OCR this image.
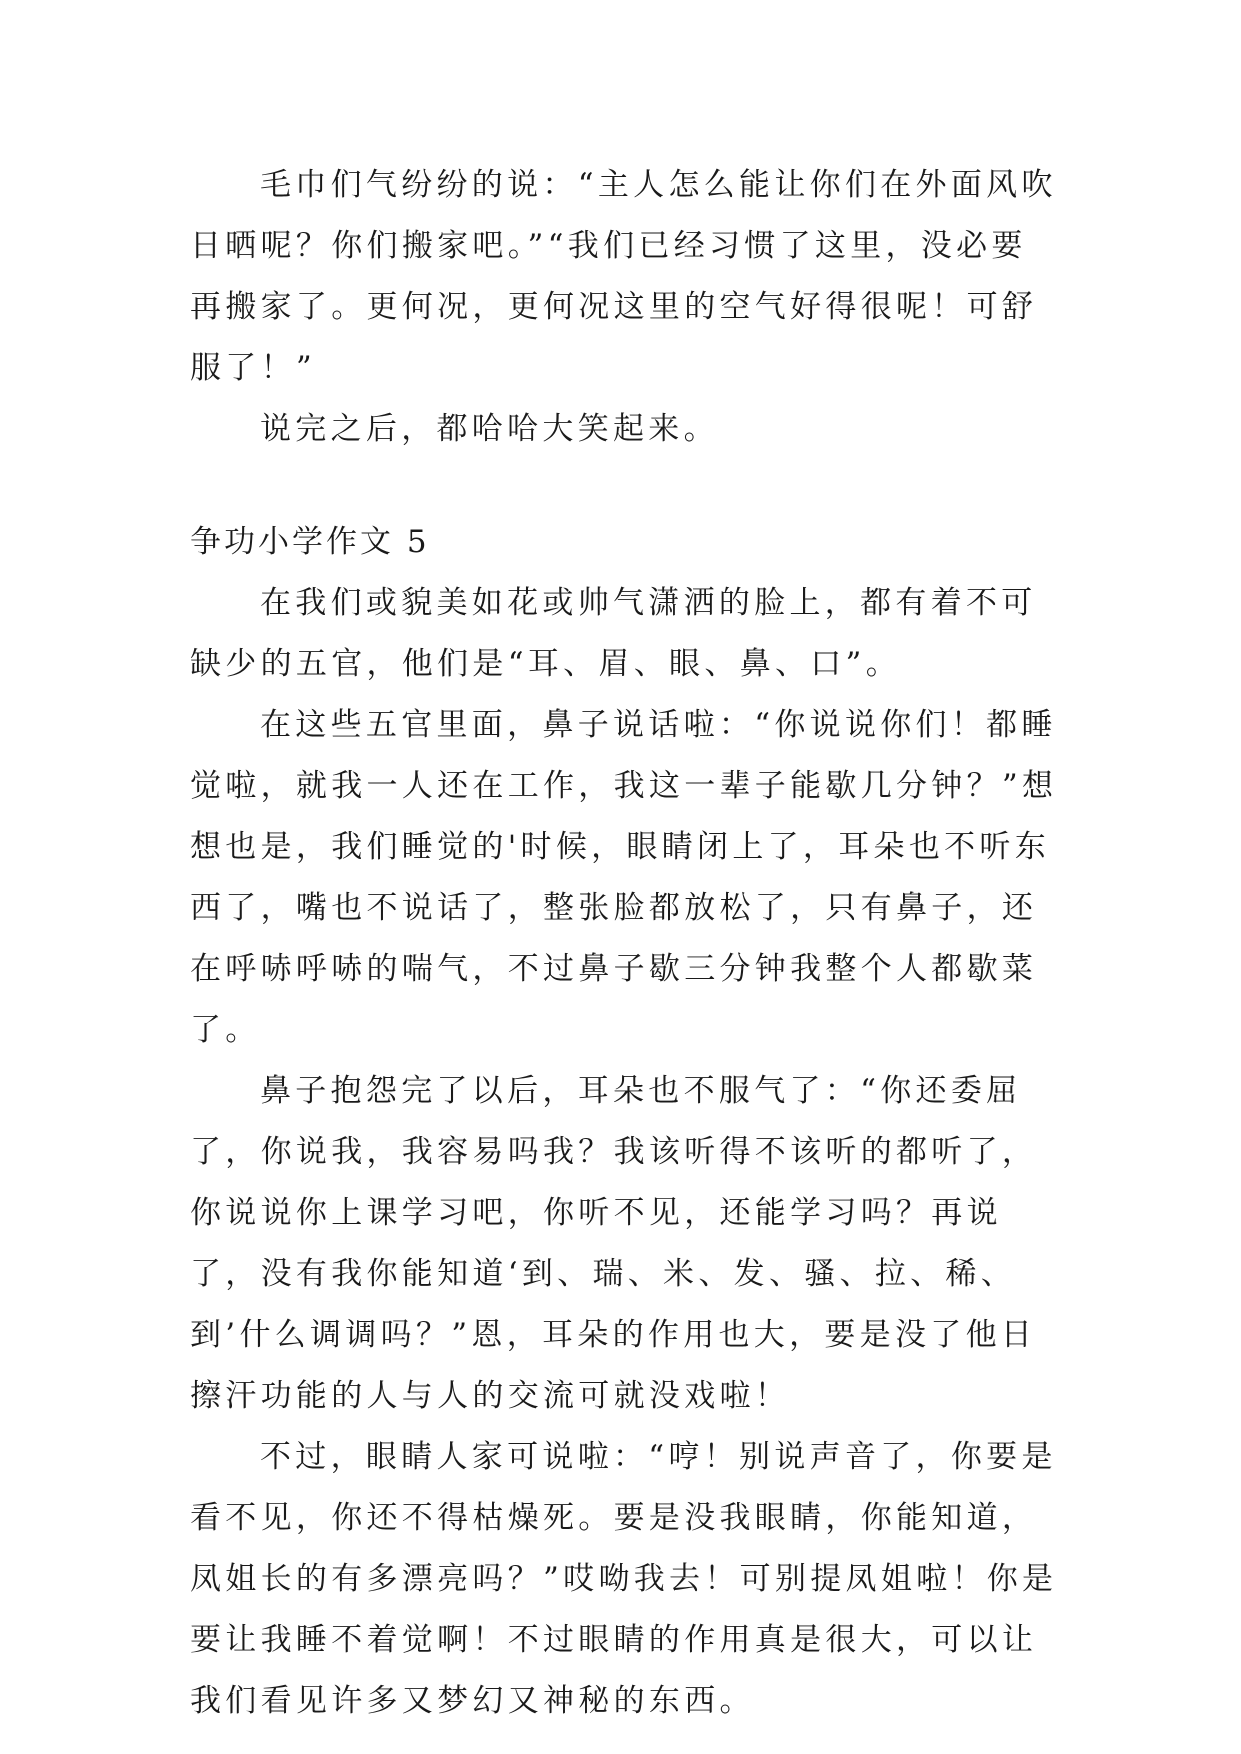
毛巾们气纷纷的说：“主人怎么能让你们在外面风吹日晒呢？你们搬家吧。”“我们已经习惯了这里，没必要再搬家了。更何况，更何况这里的空气好得很呢！可舒服了！”

说完之后，都哈哈大笑起来。

争功小学作文 5

在我们或貌美如花或帅气潇洒的脸上，都有着不可缺少的五官，他们是“耳、眉、眼、鼻、口”。

在这些五官里面，鼻子说话啦：“你说说你们！都睡觉啦，就我一人还在工作，我这一辈子能歇几分钟？”想想也是，我们睡觉的'时候，眼睛闭上了，耳朵也不听东西了，嘴也不说话了，整张脸都放松了，只有鼻子，还在呼哧呼哧的喘气，不过鼻子歇三分钟我整个人都歇菜了。

鼻子抱怨完了以后，耳朵也不服气了：“你还委屈了，你说我，我容易吗我？我该听得不该听的都听了，你说说你上课学习吧，你听不见，还能学习吗？再说了，没有我你能知道‘到、瑞、米、发、骚、拉、稀、到’什么调调吗？”恩，耳朵的作用也大，要是没了他日擦汗功能的人与人的交流可就没戏啦！

不过，眼睛人家可说啦：“哼！别说声音了，你要是看不见，你还不得枯燥死。要是没我眼睛，你能知道，凤姐长的有多漂亮吗？”哎呦我去！可别提凤姐啦！你是要让我睡不着觉啊！不过眼睛的作用真是很大，可以让我们看见许多又梦幻又神秘的东西。
